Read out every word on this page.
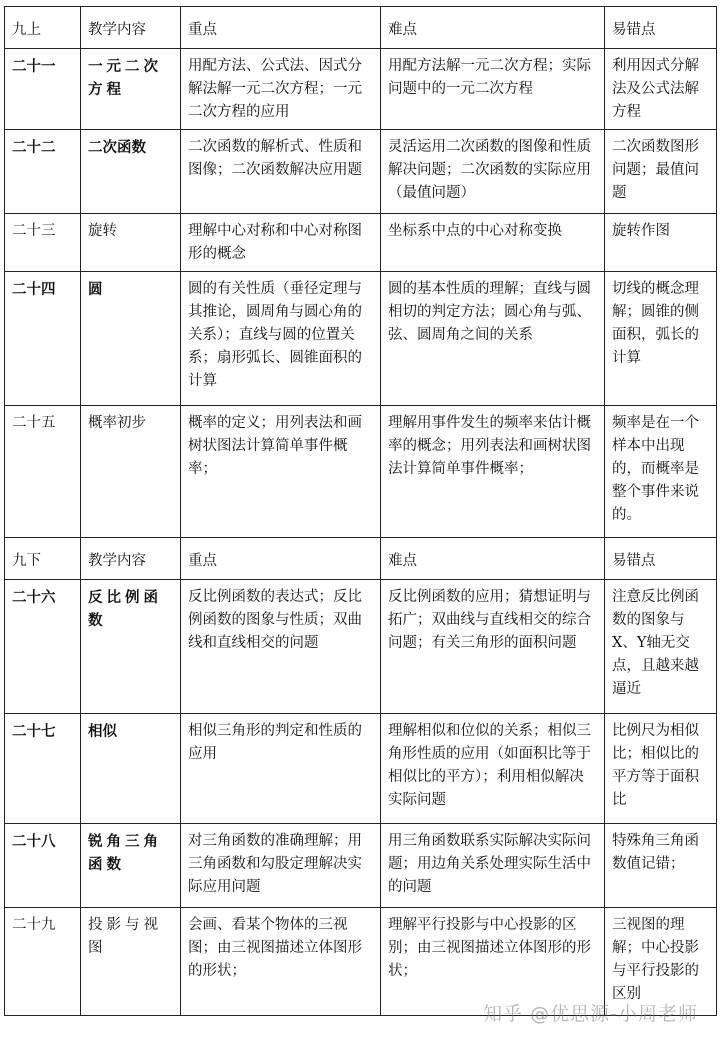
九上	教学内容	重点	难点	易错点
二十一	一元二次方程	用配方法、公式法、因式分解法解一元二次方程；一元二次方程的应用	用配方法解一元二次方程；实际问题中的一元二次方程	利用因式分解法及公式法解方程
二十二	二次函数	二次函数的解析式、性质和图像；二次函数解决应用题	灵活运用二次函数的图像和性质解决问题；二次函数的实际应用（最值问题）	二次函数图形问题；最值问题
二十三	旋转	理解中心对称和中心对称图形的概念	坐标系中点的中心对称变换	旋转作图
二十四	圆	圆的有关性质（垂径定理与其推论，圆周角与圆心角的关系）；直线与圆的位置关系；扇形弧长、圆锥面积的计算	圆的基本性质的理解；直线与圆相切的判定方法；圆心角与弧、弦、圆周角之间的关系	切线的概念理解；圆锥的侧面积，弧长的计算
二十五	概率初步	概率的定义；用列表法和画树状图法计算简单事件概率；	理解用事件发生的频率来估计概率的概念；用列表法和画树状图法计算简单事件概率；	频率是在一个样本中出现的，而概率是整个事件来说的。
九下	教学内容	重点	难点	易错点
二十六	反比例函数	反比例函数的表达式；反比例函数的图象与性质；双曲线和直线相交的问题	反比例函数的应用；猜想证明与拓广；双曲线与直线相交的综合问题；有关三角形的面积问题	注意反比例函数的图象与X、Y轴无交点，且越来越逼近
二十七	相似	相似三角形的判定和性质的应用	理解相似和位似的关系；相似三角形性质的应用（如面积比等于相似比的平方）；利用相似解决实际问题	比例尺为相似比；相似比的平方等于面积比
二十八	锐角三角函数	对三角函数的准确理解；用三角函数和勾股定理解决实际应用问题	用三角函数联系实际解决实际问题；用边角关系处理实际生活中的问题	特殊角三角函数值记错；
二十九	投影与视图	会画、看某个物体的三视图；由三视图描述立体图形的形状；	理解平行投影与中心投影的区别；由三视图描述立体图形的形状；	三视图的理解；中心投影与平行投影的区别
知乎 @优思源-小周老师
